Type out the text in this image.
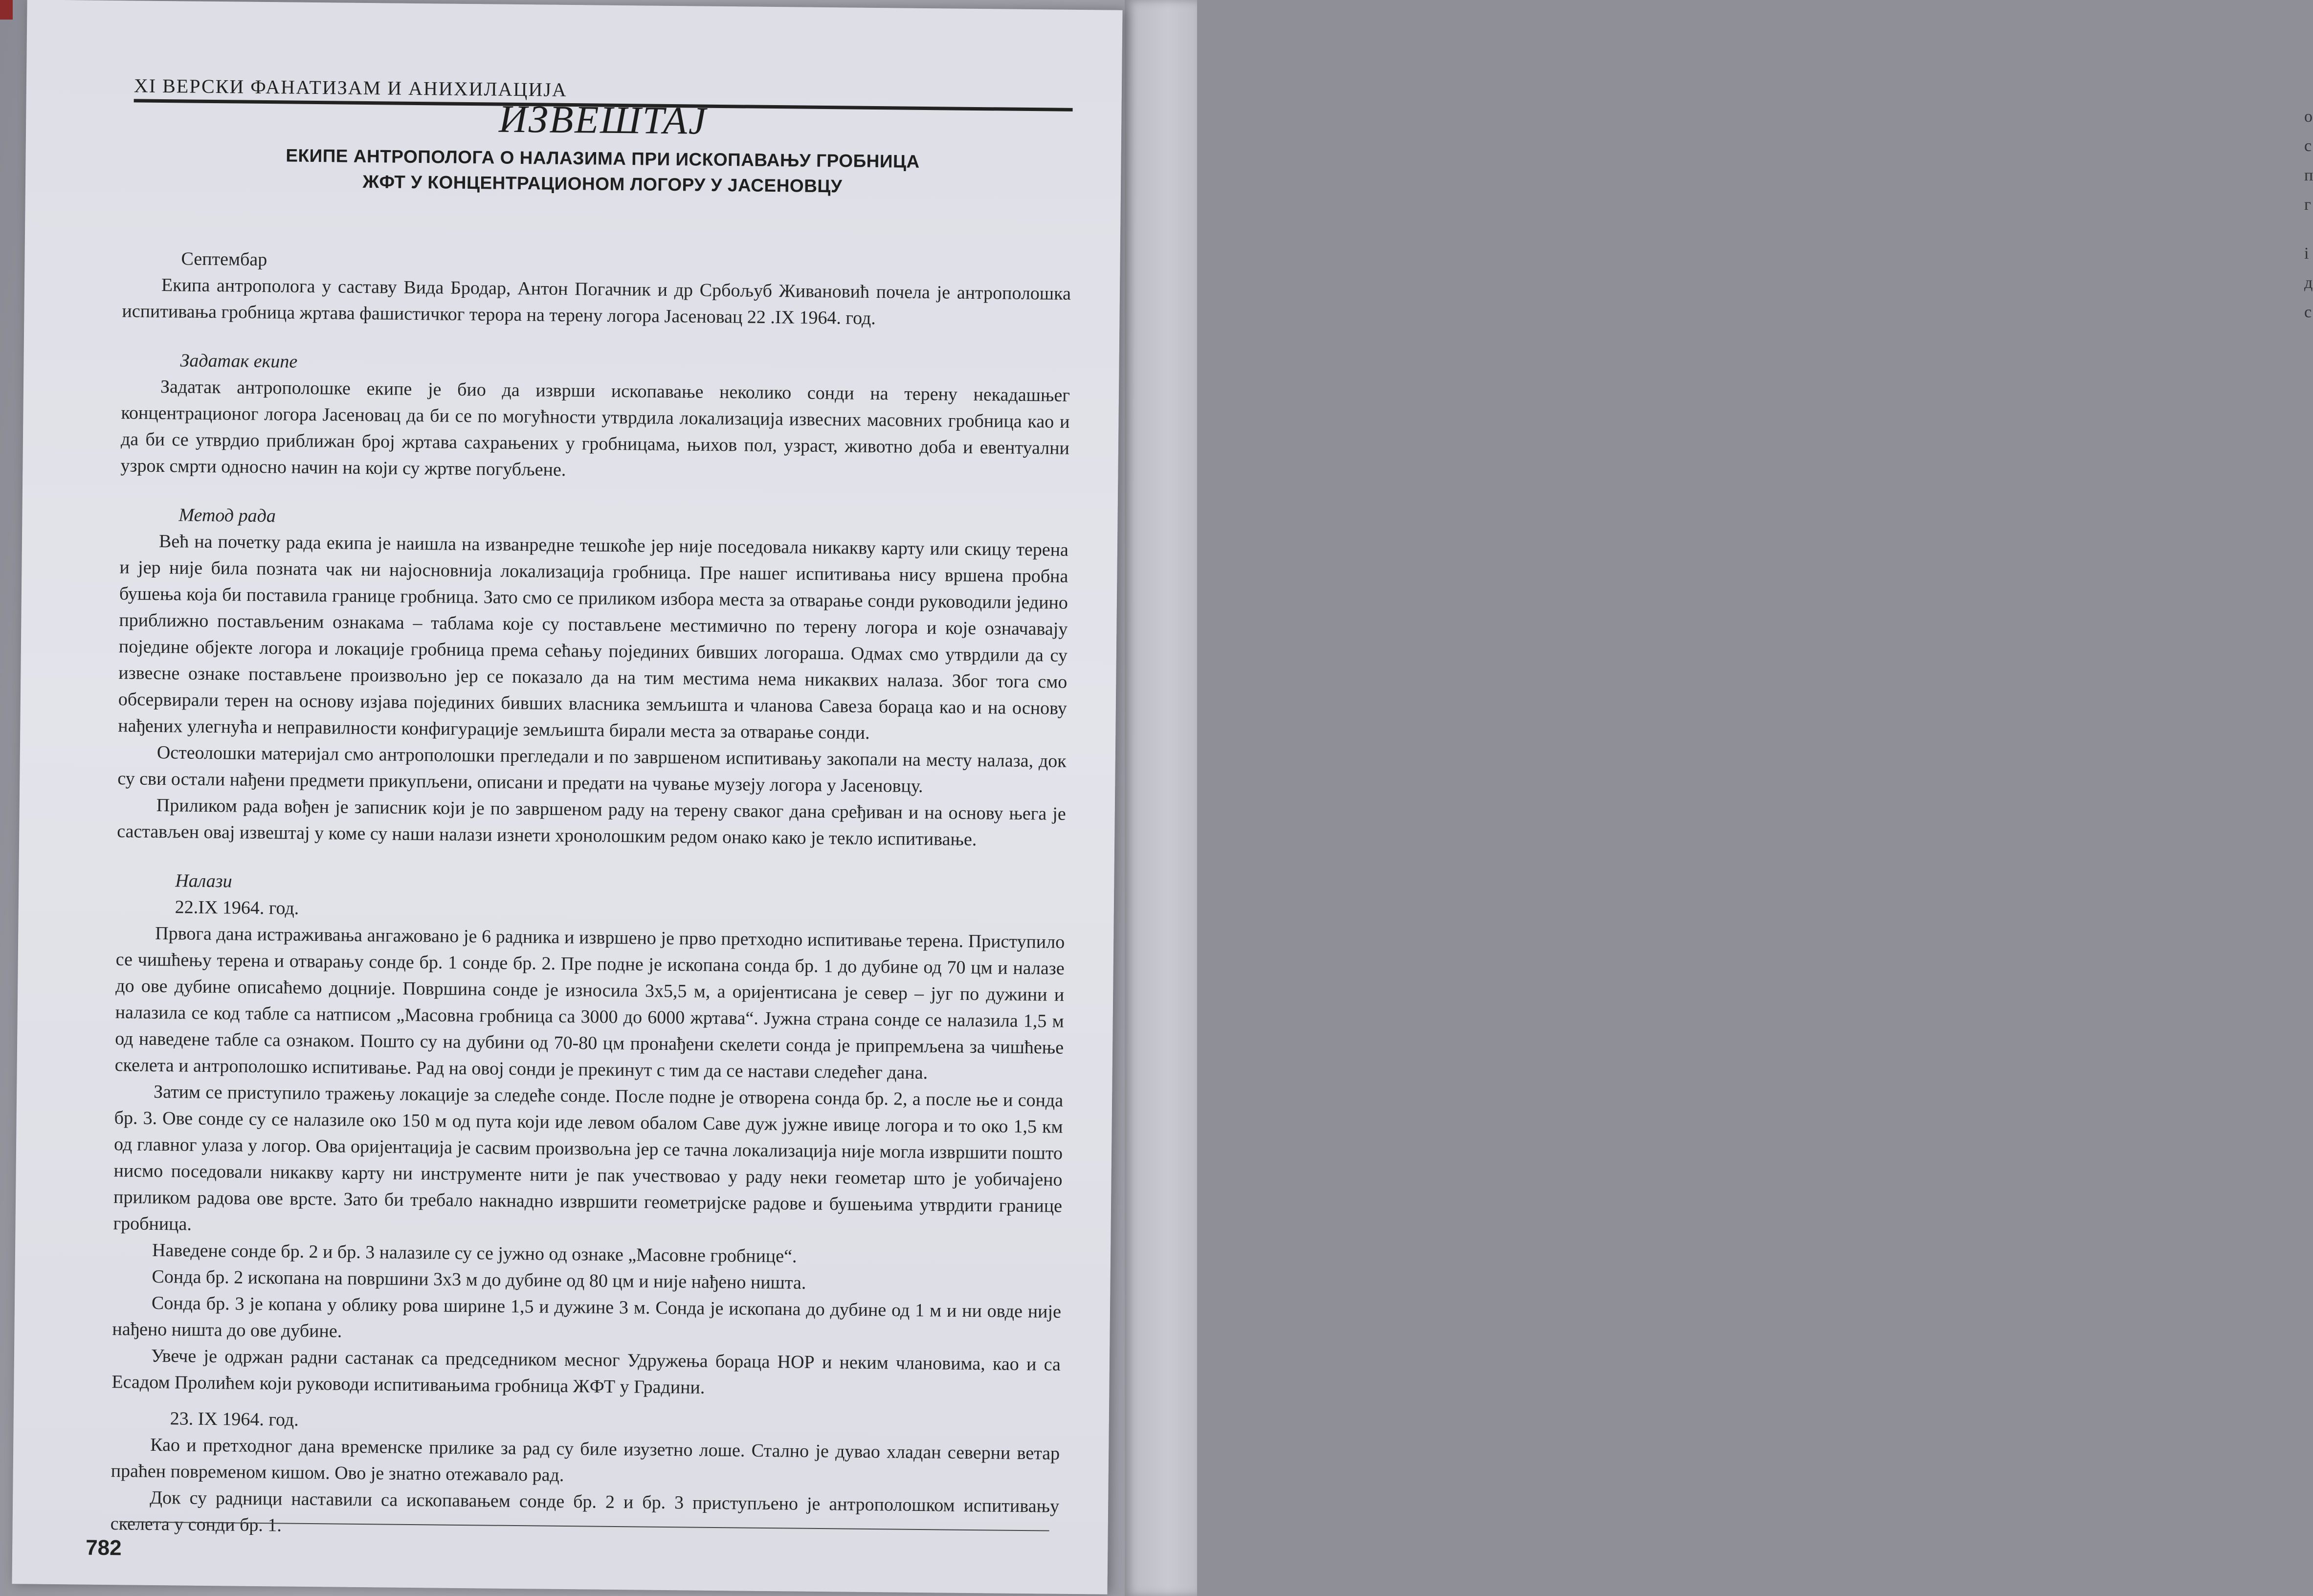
о
с
п
г
і
д
с
XI ВЕРСКИ ФАНАТИЗАМ И АНИХИЛАЦИЈА
ИЗВЕШТАЈ
ЕКИПЕ АНТРОПОЛОГА О НАЛАЗИМА ПРИ ИСКОПАВАЊУ ГРОБНИЦА
ЖФТ У КОНЦЕНТРАЦИОНОМ ЛОГОРУ У ЈАСЕНОВЦУ
Септембар

Екипа антрополога у саставу Вида Бродар, Антон Погачник и др Србољуб Живановић почела је антрополошка испитивања гробница жртава фашистичког терора на терену логора Јасеновац 22 .IX 1964. год.

Задатак екипе

Задатак антрополошке екипе је био да изврши ископавање неколико сонди на терену некадашњег концентрационог логора Јасеновац да би се по могућности утврдила локализација извесних масовних гробница као и да би се утврдио приближан број жртава сахрањених у гробницама, њихов пол, узраст, животно доба и евентуални узрок смрти односно начин на који су жртве погубљене.

Метод рада

Већ на почетку рада екипа је наишла на изванредне тешкоће јер није поседовала никакву карту или скицу терена и јер није била позната чак ни најосновнија локализација гробница. Пре нашег испитивања нису вршена пробна бушења која би поставила границе гробница. Зато смо се приликом избора места за отварање сонди руководили једино приближно постављеним ознакама – таблама које су постављене местимично по терену логора и које означавају поједине објекте логора и локације гробница према сећању појединих бивших логораша. Одмах смо утврдили да су извесне ознаке постављене произвољно јер се показало да на тим местима нема никаквих налаза. Због тога смо обсервирали терен на основу изјава појединих бивших власника земљишта и чланова Савеза бораца као и на основу нађених улегнућа и неправилности конфигурације земљишта бирали места за отварање сонди.

Остеолошки материјал смо антрополошки прегледали и по завршеном испитивању закопали на месту налаза, док су сви остали нађени предмети прикупљени, описани и предати на чување музеју логора у Јасеновцу.

Приликом рада вођен је записник који је по завршеном раду на терену сваког дана сређиван и на основу њега је састављен овај извештај у коме су наши налази изнети хронолошким редом онако како је текло испитивање.

Налази
22.IX 1964. год.

Првога дана истраживања ангажовано је 6 радника и извршено је прво претходно испитивање терена. Приступило се чишћењу терена и отварању сонде бр. 1 сонде бр. 2. Пре подне је ископана сонда бр. 1 до дубине од 70 цм и налазе до ове дубине описаћемо доцније. Површина сонде је износила 3х5,5 м, а оријентисана је север – југ по дужини и налазила се код табле са натписом „Масовна гробница са 3000 до 6000 жртава“. Јужна страна сонде се налазила 1,5 м од наведене табле са ознаком. Пошто су на дубини од 70-80 цм пронађени скелети сонда је припремљена за чишћење скелета и антрополошко испитивање. Рад на овој сонди је прекинут с тим да се настави следећег дана.

Затим се приступило тражењу локације за следеће сонде. После подне је отворена сонда бр. 2, а после ње и сонда бр. 3. Ове сонде су се налазиле око 150 м од пута који иде левом обалом Саве дуж јужне ивице логора и то око 1,5 км од главног улаза у логор. Ова оријентација је сасвим произвољна јер се тачна локализација није могла извршити пошто нисмо поседовали никакву карту ни инструменте нити је пак учествовао у раду неки геометар што је уобичајено приликом радова ове врсте. Зато би требало накнадно извршити геометријске радове и бушењима утврдити границе гробница.

Наведене сонде бр. 2 и бр. 3 налазиле су се јужно од ознаке „Масовне гробнице“.

Сонда бр. 2 ископана на површини 3х3 м до дубине од 80 цм и није нађено ништа.

Сонда бр. 3 је копана у облику рова ширине 1,5 и дужине 3 м. Сонда је ископана до дубине од 1 м и ни овде није нађено ништа до ове дубине.

Увече је одржан радни састанак са председником месног Удружења бораца НОР и неким члановима, као и са Есадом Пролићем који руководи испитивањима гробница ЖФТ у Градини.

23. IX 1964. год.

Као и претходног дана временске прилике за рад су биле изузетно лоше. Стално је дувао хладан северни ветар праћен повременом кишом. Ово је знатно отежавало рад.

Док су радници наставили са ископавањем сонде бр. 2 и бр. 3 приступљено је антрополошком испитивању скелета у сонди бр. 1.

782
